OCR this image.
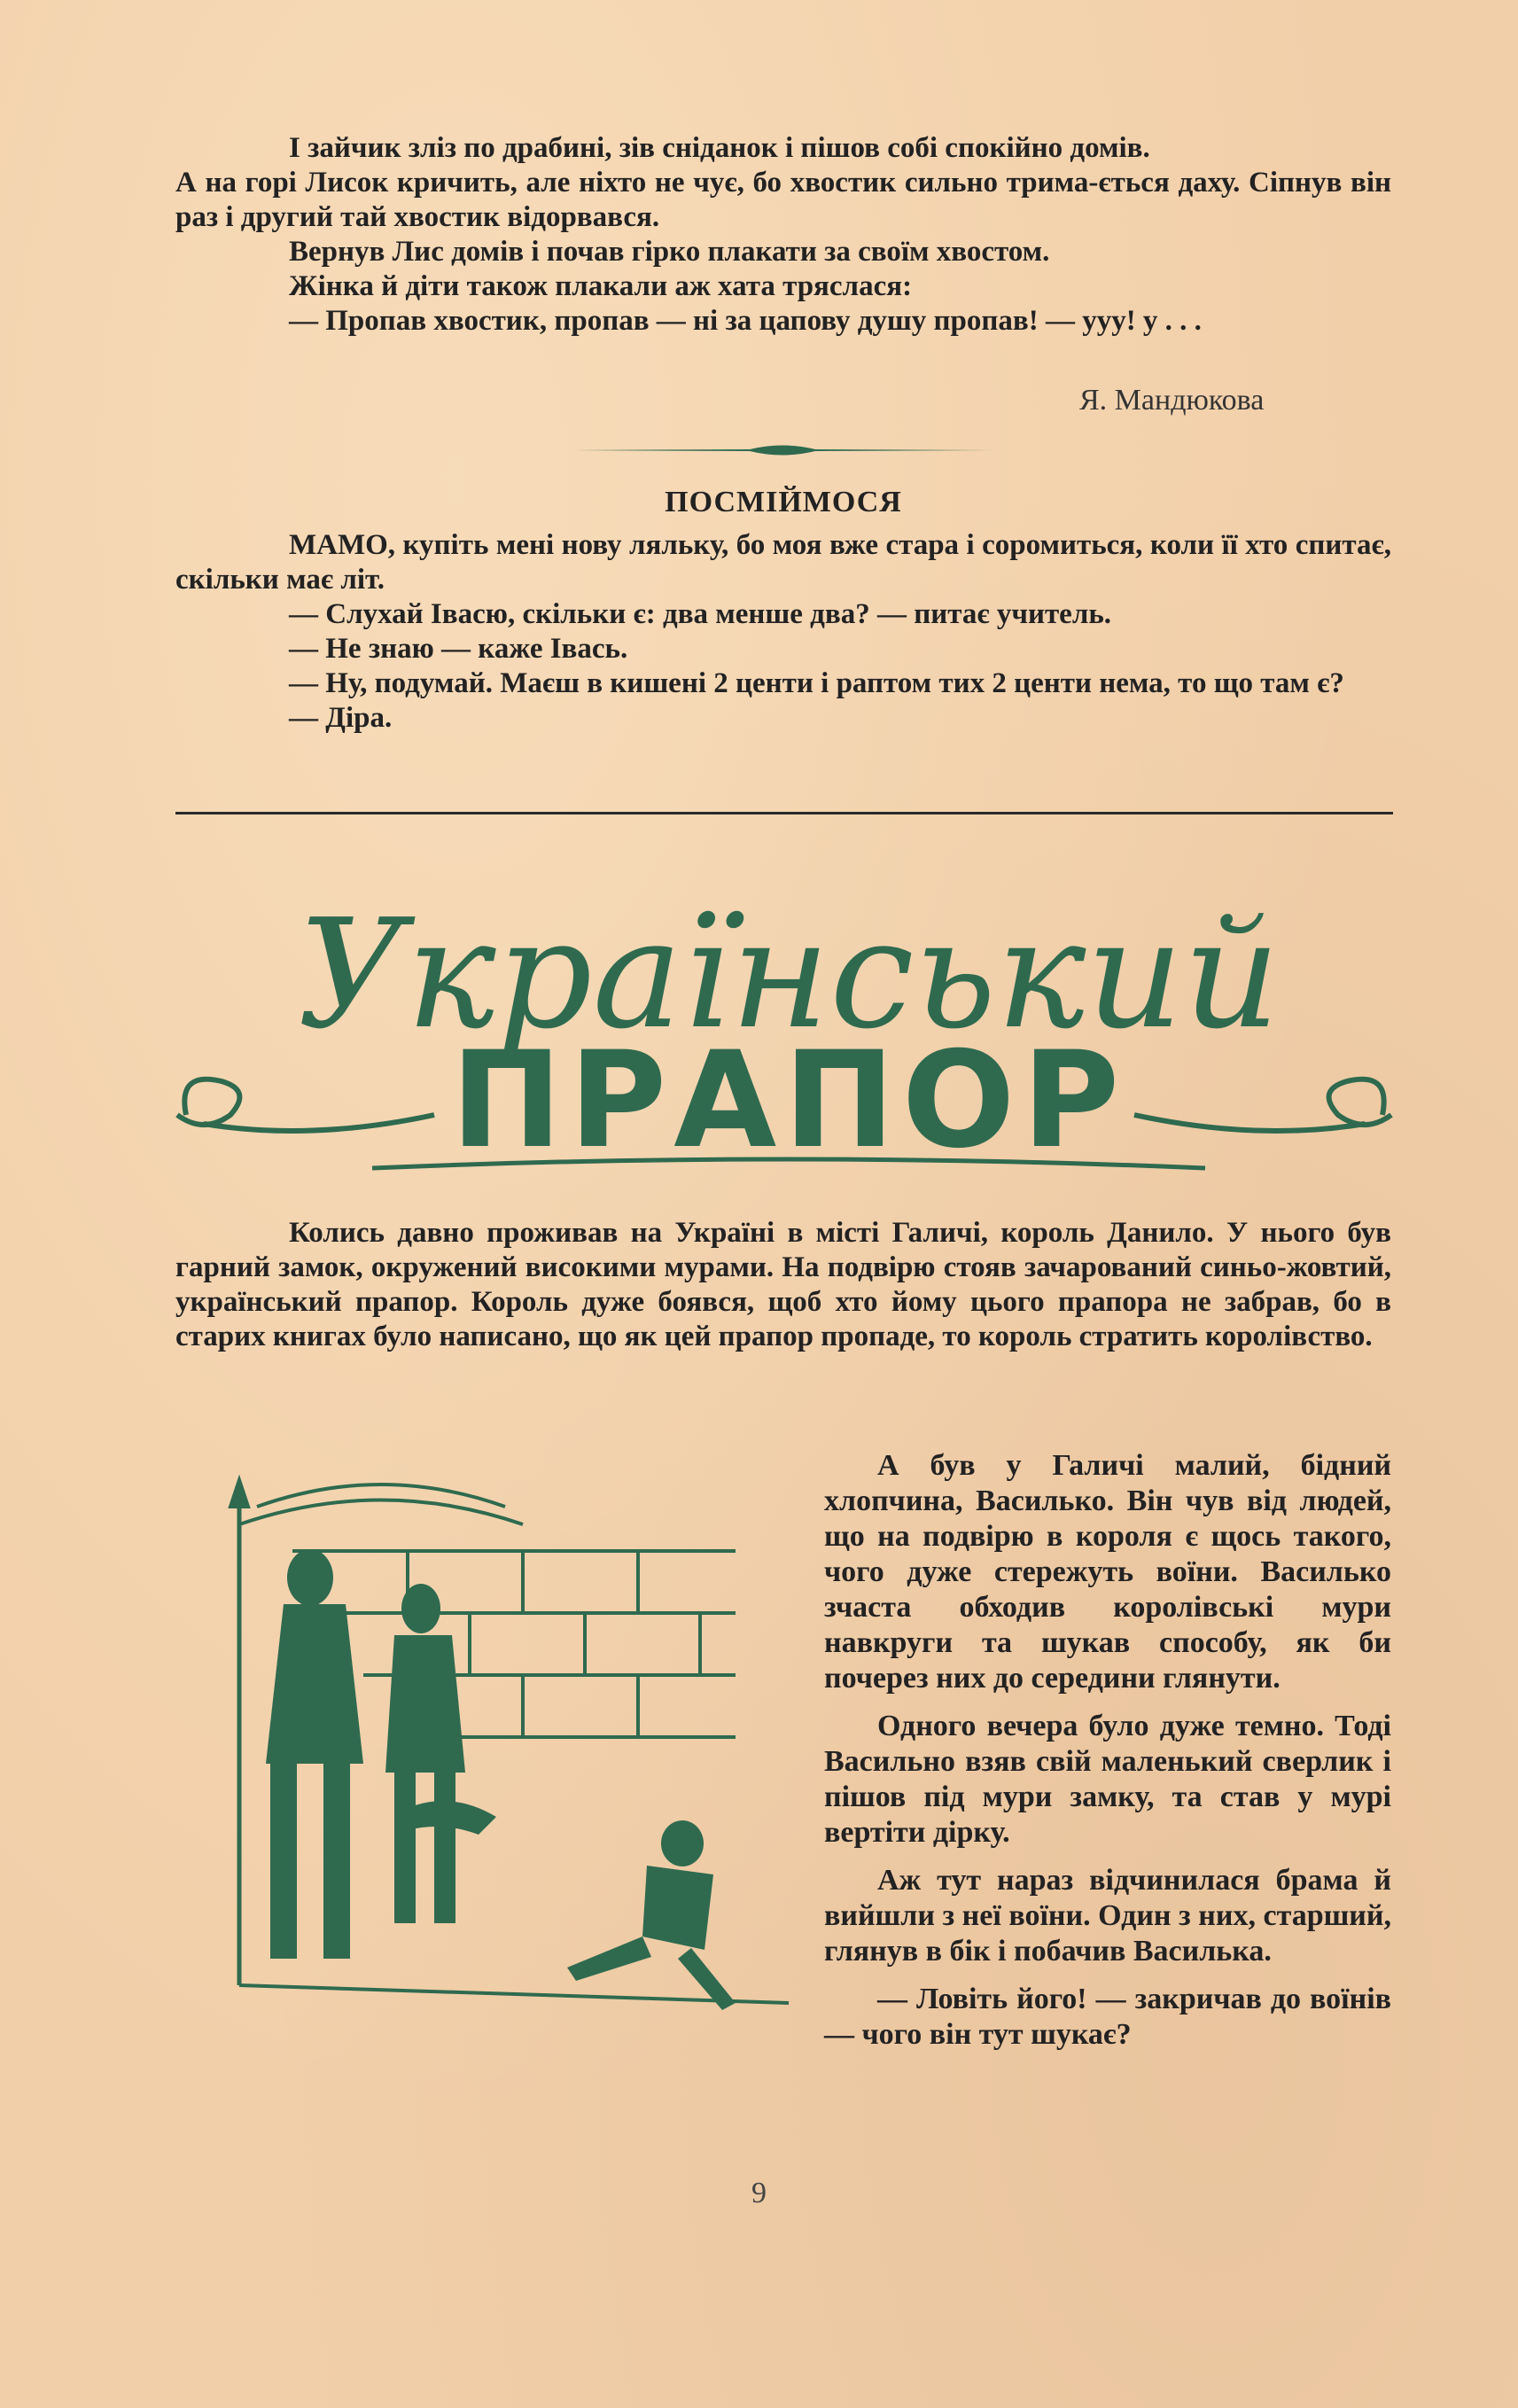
І зайчик зліз по драбині, зів сніданок і пішов собі спокійно домів.

А на горі Лисок кричить, але ніхто не чує, бо хвостик сильно трима-ється даху. Сіпнув він раз і другий тай хвостик відорвався.

Вернув Лис домів і почав гірко плакати за своїм хвостом.

Жінка й діти також плакали аж хата тряслася:

— Пропав хвостик, пропав — ні за цапову душу пропав! — ууу! у . . .

Я. Мандюкова
ПОСМІЙМОСЯ

МАМО, купіть мені нову ляльку, бо моя вже стара і соромиться, коли її хто спитає, скільки має літ.

— Слухай Івасю, скільки є: два менше два? — питає учитель.

— Не знаю — каже Івась.

— Ну, подумай. Маєш в кишені 2 центи і раптом тих 2 центи нема, то що там є?

— Діра.

Український
ПРАПОР

Колись давно проживав на Україні в місті Галичі, король Данило. У нього був гарний замок, окружений високими мурами. На подвірю стояв зачарований синьо-жовтий, український прапор. Король дуже боявся, щоб хто йому цього прапора не забрав, бо в старих книгах було написано, що як цей прапор пропаде, то король стратить королівство.

А був у Галичі малий, бідний хлопчина, Василько. Він чув від людей, що на подвірю в короля є щось такого, чого дуже стережуть воїни. Василько зчаста обходив королівські мури навкруги та шукав способу, як би почерез них до середини глянути.

Одного вечера було дуже темно. Тоді Васильно взяв свій маленький сверлик і пішов під мури замку, та став у мурі вертіти дірку.

Аж тут нараз відчинилася брама й вийшли з неї воїни. Один з них, старший, глянув в бік і побачив Василька.

— Ловіть його! — закричав до воїнів — чого він тут шукає?

9
